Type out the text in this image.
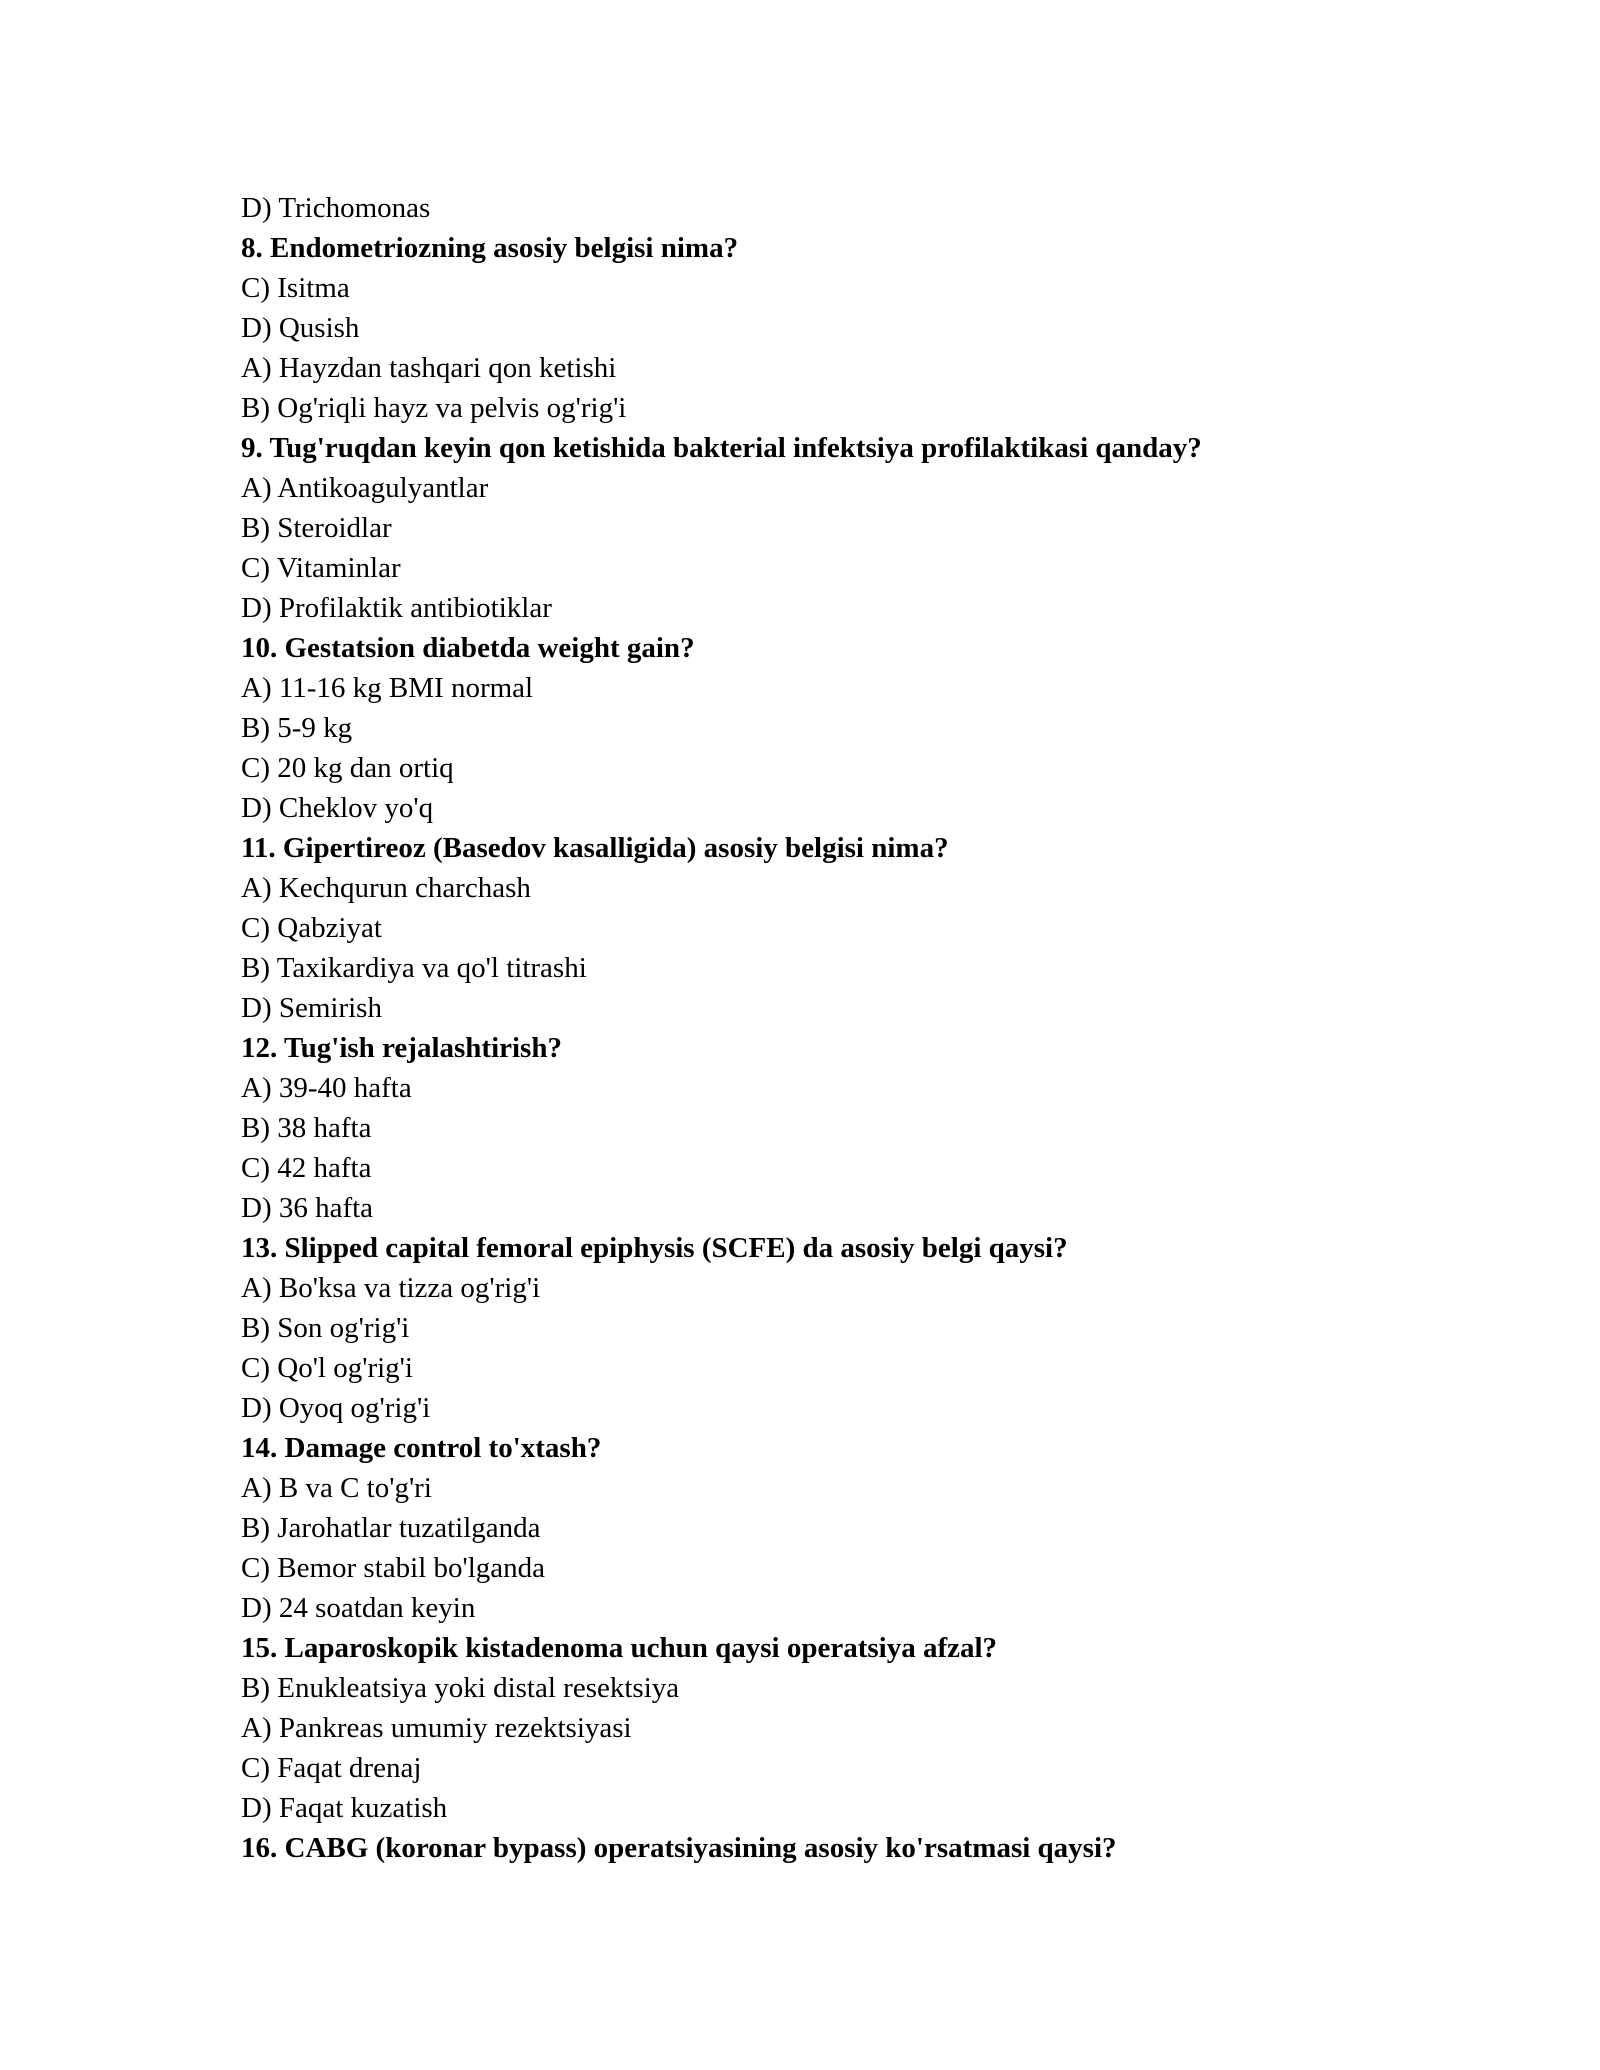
D) Trichomonas
8. Endometriozning asosiy belgisi nima?
C) Isitma
D) Qusish
A) Hayzdan tashqari qon ketishi
B) Og'riqli hayz va pelvis og'rig'i
9. Tug'ruqdan keyin qon ketishida bakterial infektsiya profilaktikasi qanday?
A) Antikoagulyantlar
B) Steroidlar
C) Vitaminlar
D) Profilaktik antibiotiklar
10. Gestatsion diabetda weight gain?
A) 11-16 kg BMI normal
B) 5-9 kg
C) 20 kg dan ortiq
D) Cheklov yo'q
11. Gipertireoz (Basedov kasalligida) asosiy belgisi nima?
A) Kechqurun charchash
C) Qabziyat
B) Taxikardiya va qo'l titrashi
D) Semirish
12. Tug'ish rejalashtirish?
A) 39-40 hafta
B) 38 hafta
C) 42 hafta
D) 36 hafta
13. Slipped capital femoral epiphysis (SCFE) da asosiy belgi qaysi?
A) Bo'ksa va tizza og'rig'i
B) Son og'rig'i
C) Qo'l og'rig'i
D) Oyoq og'rig'i
14. Damage control to'xtash?
A) B va C to'g'ri
B) Jarohatlar tuzatilganda
C) Bemor stabil bo'lganda
D) 24 soatdan keyin
15. Laparoskopik kistadenoma uchun qaysi operatsiya afzal?
B) Enukleatsiya yoki distal resektsiya
A) Pankreas umumiy rezektsiyasi
C) Faqat drenaj
D) Faqat kuzatish
16. CABG (koronar bypass) operatsiyasining asosiy ko'rsatmasi qaysi?
